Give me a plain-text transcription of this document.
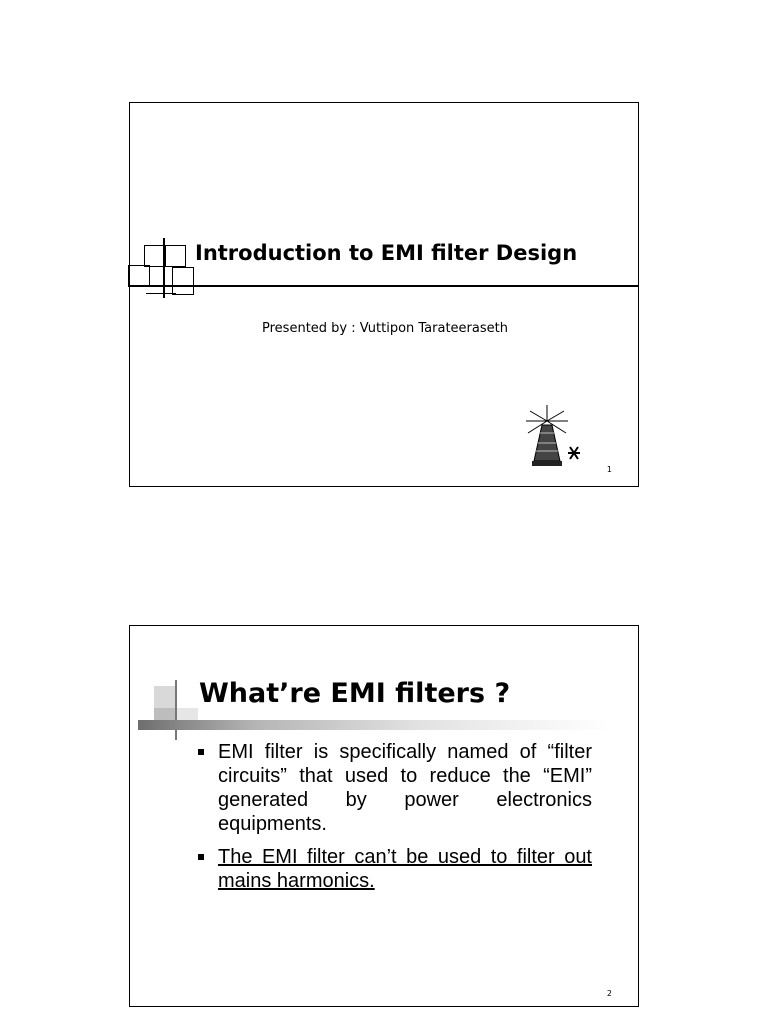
Introduction to EMI filter Design
Presented by : Vuttipon Tarateeraseth
1
What’re EMI filters ?

EMI filter is specifically named of “filter circuits” that used to reduce the “EMI” generated by power electronics equipments.

The EMI filter can’t be used to filter out mains harmonics.

2
